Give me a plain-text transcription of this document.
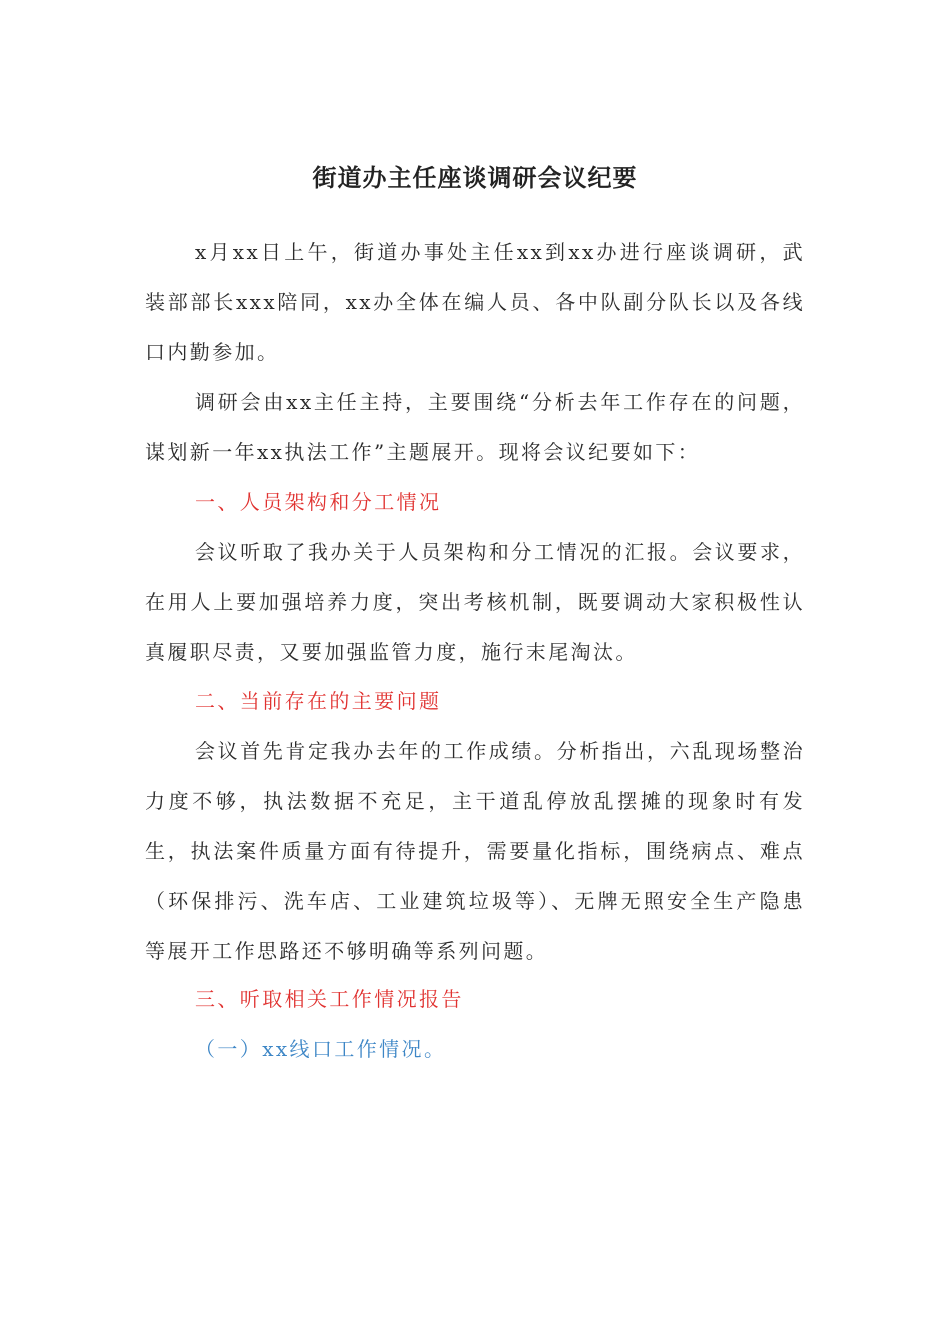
街道办主任座谈调研会议纪要

x月xx日上午，街道办事处主任xx到xx办进行座谈调研，武装部部长xxx陪同，xx办全体在编人员、各中队副分队长以及各线口内勤参加。

调研会由xx主任主持，主要围绕“分析去年工作存在的问题，谋划新一年xx执法工作”主题展开。现将会议纪要如下：

一、人员架构和分工情况

会议听取了我办关于人员架构和分工情况的汇报。会议要求，在用人上要加强培养力度，突出考核机制，既要调动大家积极性认真履职尽责，又要加强监管力度，施行末尾淘汰。

二、当前存在的主要问题

会议首先肯定我办去年的工作成绩。分析指出，六乱现场整治力度不够，执法数据不充足，主干道乱停放乱摆摊的现象时有发生，执法案件质量方面有待提升，需要量化指标，围绕病点、难点（环保排污、洗车店、工业建筑垃圾等）、无牌无照安全生产隐患等展开工作思路还不够明确等系列问题。

三、听取相关工作情况报告

（一）xx线口工作情况。
